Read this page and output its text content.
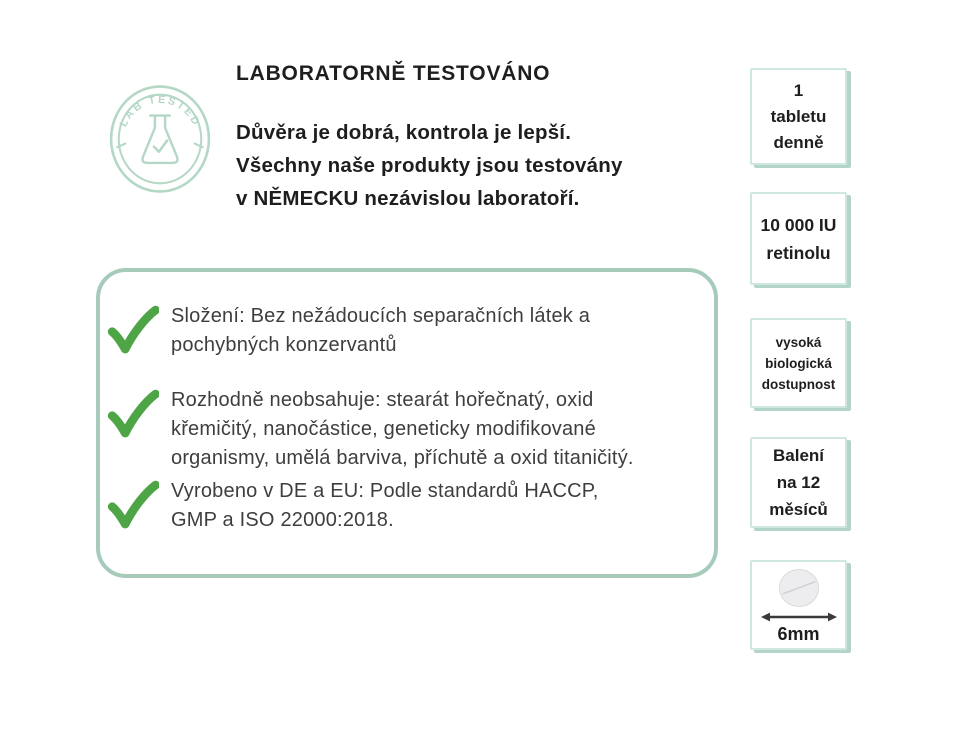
LAB TESTED
LABORATORNĚ TESTOVÁNO
Důvěra je dobrá, kontrola je lepší.
Všechny naše produkty jsou testovány
v NĚMECKU nezávislou laboratoří.
Složení: Bez nežádoucích separačních látek a
pochybných konzervantů
Rozhodně neobsahuje: stearát hořečnatý, oxid
křemičitý, nanočástice, geneticky modifikované
organismy, umělá barviva, příchutě a oxid titaničitý.
Vyrobeno v DE a EU: Podle standardů HACCP,
GMP a ISO 22000:2018.
1
tabletu
denně
10 000 IU
retinolu
vysoká
biologická
dostupnost
Balení
na 12
měsíců
6mm
